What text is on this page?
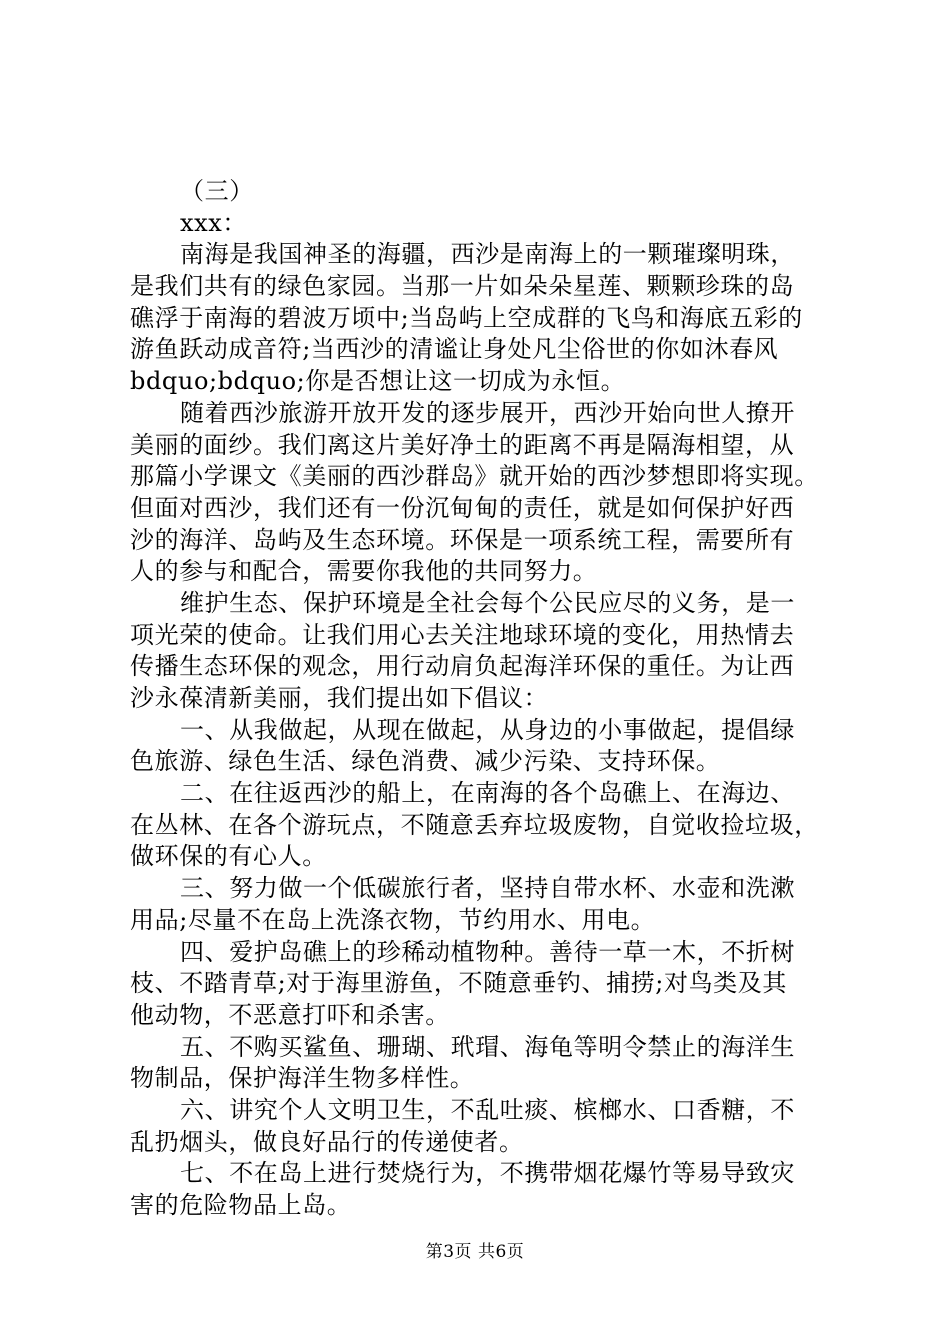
（三）
xxx：
南海是我国神圣的海疆，西沙是南海上的一颗璀璨明珠，
是我们共有的绿色家园。当那一片如朵朵星莲、颗颗珍珠的岛
礁浮于南海的碧波万顷中;当岛屿上空成群的飞鸟和海底五彩的
游鱼跃动成音符;当西沙的清谧让身处凡尘俗世的你如沐春风
bdquo;bdquo;你是否想让这一切成为永恒。
随着西沙旅游开放开发的逐步展开，西沙开始向世人撩开
美丽的面纱。我们离这片美好净土的距离不再是隔海相望，从
那篇小学课文《美丽的西沙群岛》就开始的西沙梦想即将实现。
但面对西沙，我们还有一份沉甸甸的责任，就是如何保护好西
沙的海洋、岛屿及生态环境。环保是一项系统工程，需要所有
人的参与和配合，需要你我他的共同努力。
维护生态、保护环境是全社会每个公民应尽的义务，是一
项光荣的使命。让我们用心去关注地球环境的变化，用热情去
传播生态环保的观念，用行动肩负起海洋环保的重任。为让西
沙永葆清新美丽，我们提出如下倡议：
一、从我做起，从现在做起，从身边的小事做起，提倡绿
色旅游、绿色生活、绿色消费、减少污染、支持环保。
二、在往返西沙的船上，在南海的各个岛礁上、在海边、
在丛林、在各个游玩点，不随意丢弃垃圾废物，自觉收捡垃圾，
做环保的有心人。
三、努力做一个低碳旅行者，坚持自带水杯、水壶和洗漱
用品;尽量不在岛上洗涤衣物，节约用水、用电。
四、爱护岛礁上的珍稀动植物种。善待一草一木，不折树
枝、不踏青草;对于海里游鱼，不随意垂钓、捕捞;对鸟类及其
他动物，不恶意打吓和杀害。
五、不购买鲨鱼、珊瑚、玳瑁、海龟等明令禁止的海洋生
物制品，保护海洋生物多样性。
六、讲究个人文明卫生，不乱吐痰、槟榔水、口香糖，不
乱扔烟头，做良好品行的传递使者。
七、不在岛上进行焚烧行为，不携带烟花爆竹等易导致灾
害的危险物品上岛。
第3页 共6页
